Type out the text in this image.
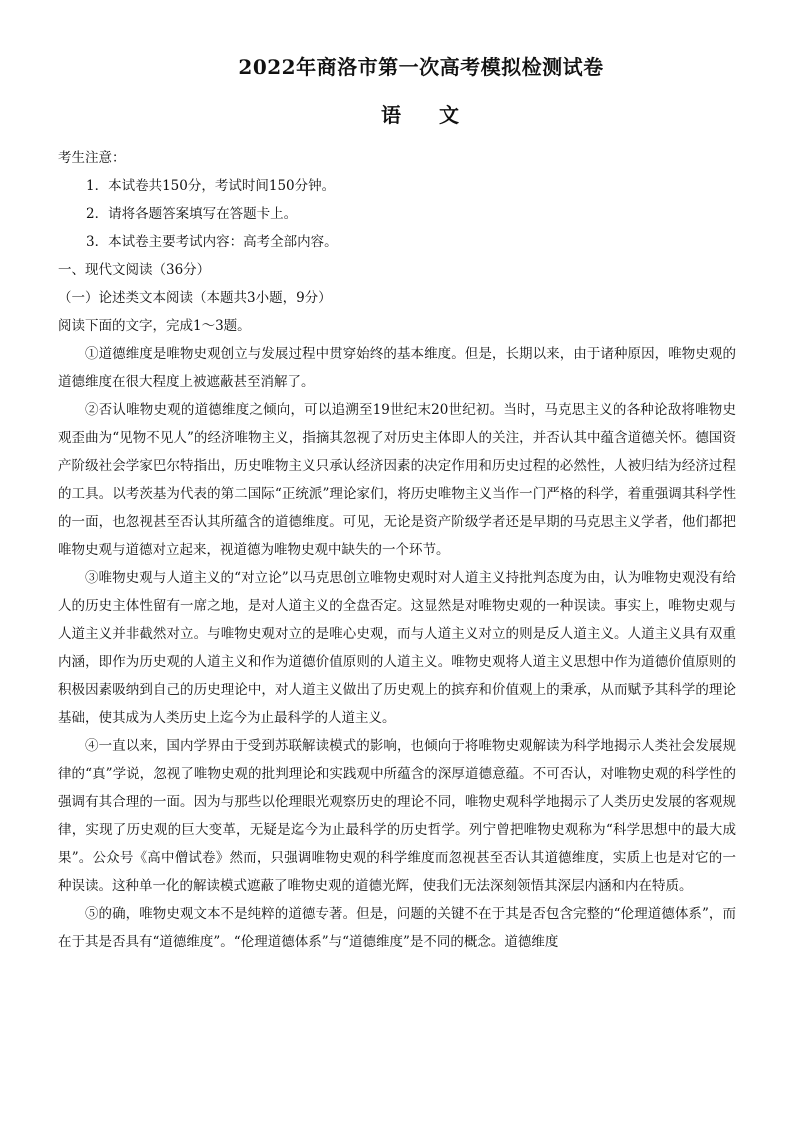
2022年商洛市第一次高考模拟检测试卷
语 文
考生注意：
1．本试卷共150分，考试时间150分钟。
2．请将各题答案填写在答题卡上。
3．本试卷主要考试内容：高考全部内容。
一、现代文阅读（36分）
（一）论述类文本阅读（本题共3小题，9分）
阅读下面的文字，完成1～3题。
①道德维度是唯物史观创立与发展过程中贯穿始终的基本维度。但是，长期以来，由于诸种原因，唯物史观的道德维度在很大程度上被遮蔽甚至消解了。
②否认唯物史观的道德维度之倾向，可以追溯至19世纪末20世纪初。当时，马克思主义的各种论敌将唯物史观歪曲为“见物不见人”的经济唯物主义，指摘其忽视了对历史主体即人的关注，并否认其中蕴含道德关怀。德国资产阶级社会学家巴尔特指出，历史唯物主义只承认经济因素的决定作用和历史过程的必然性，人被归结为经济过程的工具。以考茨基为代表的第二国际“正统派”理论家们，将历史唯物主义当作一门严格的科学，着重强调其科学性的一面，也忽视甚至否认其所蕴含的道德维度。可见，无论是资产阶级学者还是早期的马克思主义学者，他们都把唯物史观与道德对立起来，视道德为唯物史观中缺失的一个环节。
③唯物史观与人道主义的“对立论”以马克思创立唯物史观时对人道主义持批判态度为由，认为唯物史观没有给人的历史主体性留有一席之地，是对人道主义的全盘否定。这显然是对唯物史观的一种误读。事实上，唯物史观与人道主义并非截然对立。与唯物史观对立的是唯心史观，而与人道主义对立的则是反人道主义。人道主义具有双重内涵，即作为历史观的人道主义和作为道德价值原则的人道主义。唯物史观将人道主义思想中作为道德价值原则的积极因素吸纳到自己的历史理论中，对人道主义做出了历史观上的摈弃和价值观上的秉承，从而赋予其科学的理论基础，使其成为人类历史上迄今为止最科学的人道主义。
④一直以来，国内学界由于受到苏联解读模式的影响，也倾向于将唯物史观解读为科学地揭示人类社会发展规律的“真”学说，忽视了唯物史观的批判理论和实践观中所蕴含的深厚道德意蕴。不可否认，对唯物史观的科学性的强调有其合理的一面。因为与那些以伦理眼光观察历史的理论不同，唯物史观科学地揭示了人类历史发展的客观规律，实现了历史观的巨大变革，无疑是迄今为止最科学的历史哲学。列宁曾把唯物史观称为“科学思想中的最大成果”。公众号《高中僧试卷》然而，只强调唯物史观的科学维度而忽视甚至否认其道德维度，实质上也是对它的一种误读。这种单一化的解读模式遮蔽了唯物史观的道德光辉，使我们无法深刻领悟其深层内涵和内在特质。
⑤的确，唯物史观文本不是纯粹的道德专著。但是，问题的关键不在于其是否包含完整的“伦理道德体系”，而在于其是否具有“道德维度”。“伦理道德体系”与“道德维度”是不同的概念。道德维度
